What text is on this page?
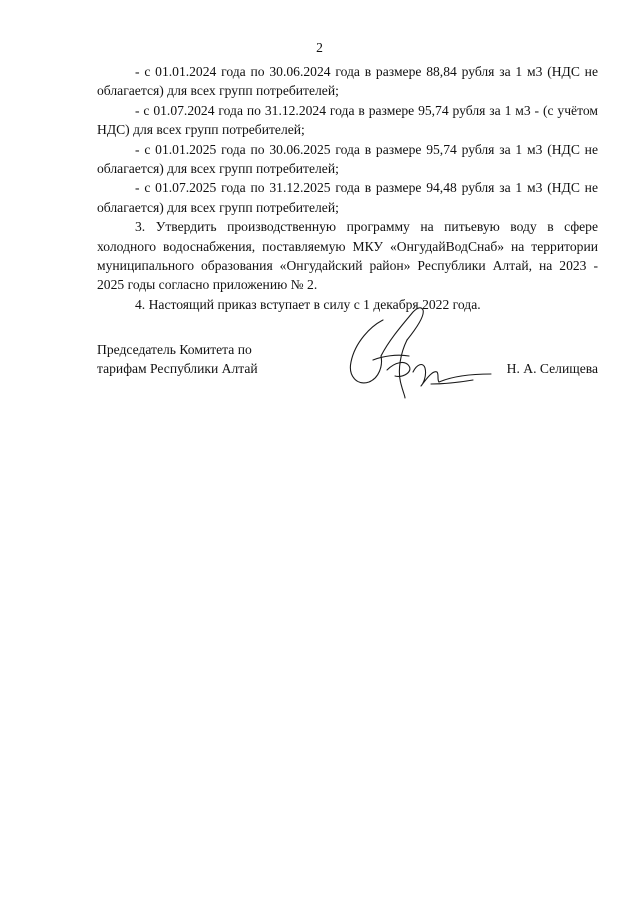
2

- с 01.01.2024 года по 30.06.2024 года в размере 88,84 рубля за 1 м3 (НДС не облагается) для всех групп потребителей;

- с 01.07.2024 года по 31.12.2024 года в размере 95,74 рубля за 1 м3 - (с учётом НДС) для всех групп потребителей;

- с 01.01.2025 года по 30.06.2025 года в размере 95,74 рубля за 1 м3 (НДС не облагается) для всех групп потребителей;

- с 01.07.2025 года по 31.12.2025 года в размере 94,48 рубля за 1 м3 (НДС не облагается) для всех групп потребителей;

3. Утвердить производственную программу на питьевую воду в сфере холодного водоснабжения, поставляемую МКУ «ОнгудайВодСнаб» на территории муниципального образования «Онгудайский район» Республики Алтай, на 2023 - 2025 годы согласно приложению № 2.

4. Настоящий приказ вступает в силу с 1 декабря 2022 года.

Председатель Комитета по
тарифам Республики Алтай	Н. А. Селищева
